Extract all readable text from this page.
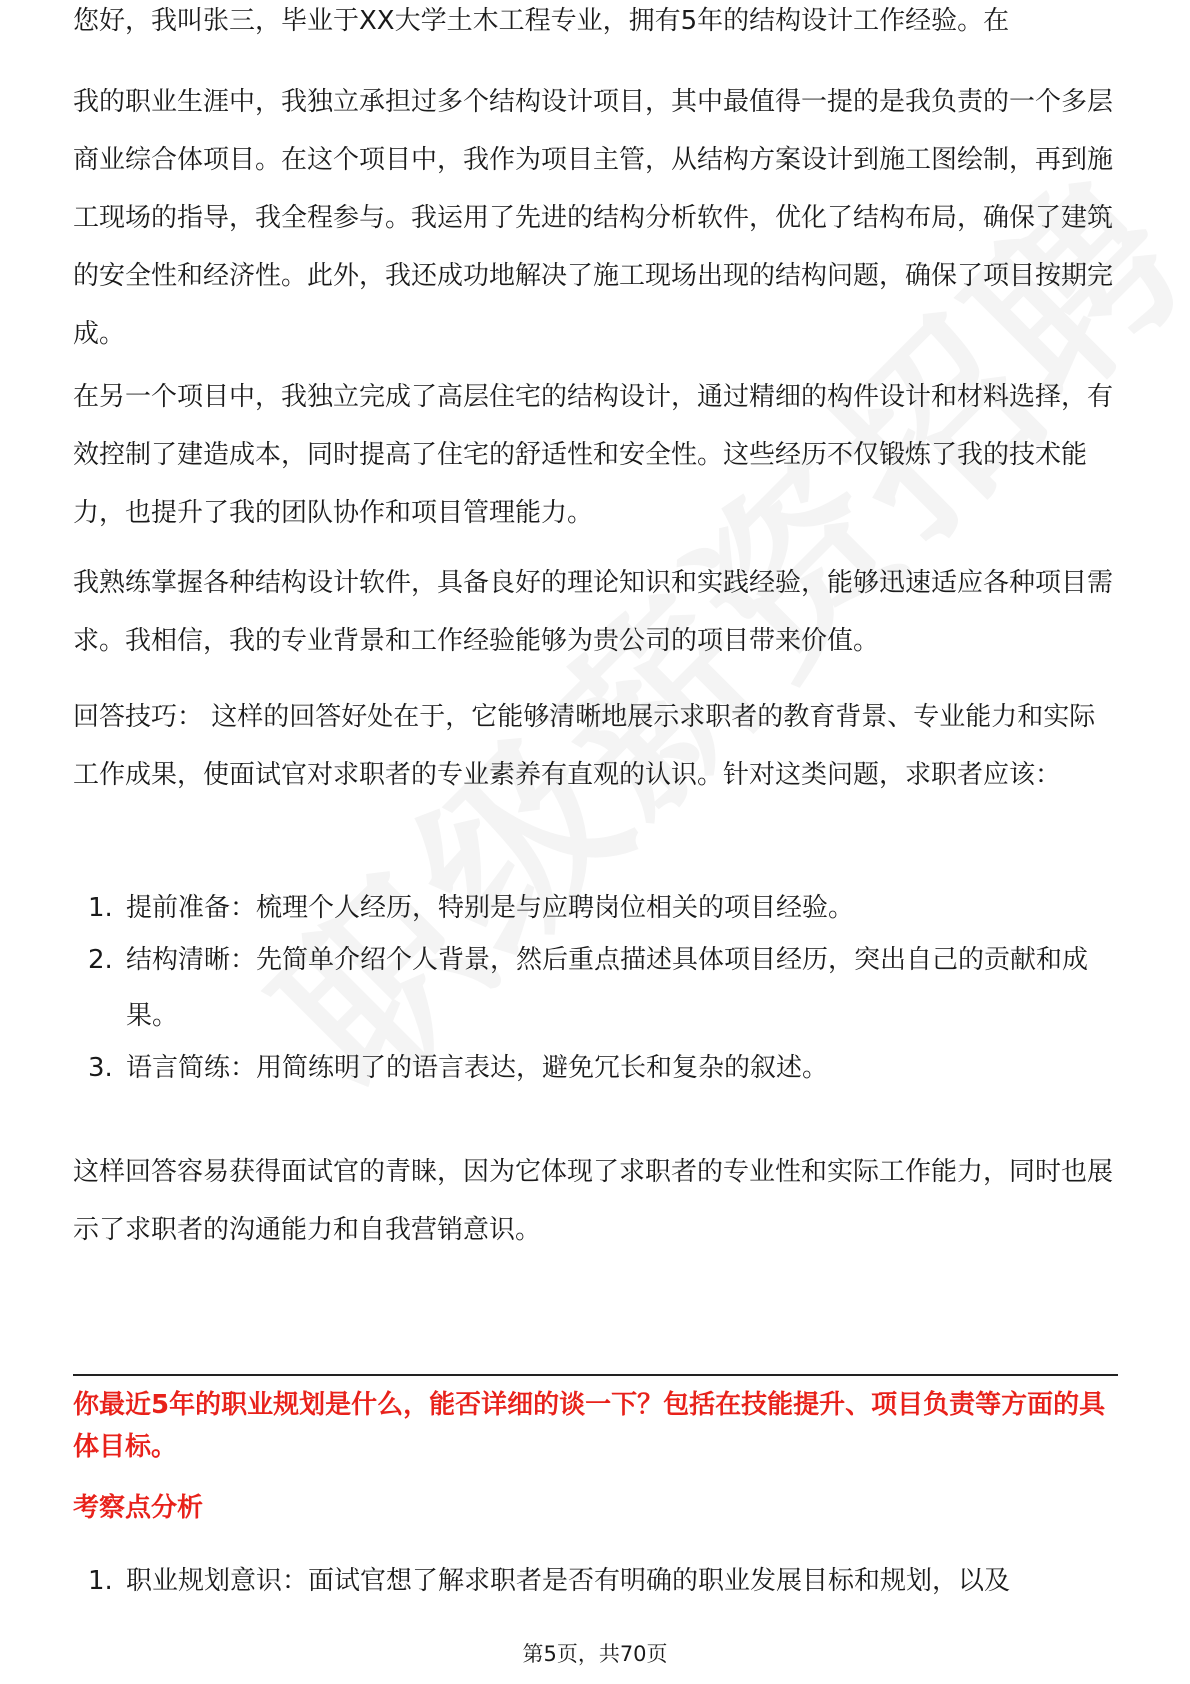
您好，我叫张三，毕业于XX大学土木工程专业，拥有5年的结构设计工作经验。在

我的职业生涯中，我独立承担过多个结构设计项目，其中最值得一提的是我负责的一个多层商业综合体项目。在这个项目中，我作为项目主管，从结构方案设计到施工图绘制，再到施工现场的指导，我全程参与。我运用了先进的结构分析软件，优化了结构布局，确保了建筑的安全性和经济性。此外，我还成功地解决了施工现场出现的结构问题，确保了项目按期完成。

在另一个项目中，我独立完成了高层住宅的结构设计，通过精细的构件设计和材料选择，有效控制了建造成本，同时提高了住宅的舒适性和安全性。这些经历不仅锻炼了我的技术能力，也提升了我的团队协作和项目管理能力。

我熟练掌握各种结构设计软件，具备良好的理论知识和实践经验，能够迅速适应各种项目需求。我相信，我的专业背景和工作经验能够为贵公司的项目带来价值。

回答技巧： 这样的回答好处在于，它能够清晰地展示求职者的教育背景、专业能力和实际工作成果，使面试官对求职者的专业素养有直观的认识。针对这类问题，求职者应该：

1. 提前准备：梳理个人经历，特别是与应聘岗位相关的项目经验。
2. 结构清晰：先简单介绍个人背景，然后重点描述具体项目经历，突出自己的贡献和成果。
3. 语言简练：用简练明了的语言表达，避免冗长和复杂的叙述。

这样回答容易获得面试官的青睐，因为它体现了求职者的专业性和实际工作能力，同时也展示了求职者的沟通能力和自我营销意识。

你最近5年的职业规划是什么，能否详细的谈一下？包括在技能提升、项目负责等方面的具体目标。
考察点分析
1. 职业规划意识：面试官想了解求职者是否有明确的职业发展目标和规划，以及
第5页，共70页
